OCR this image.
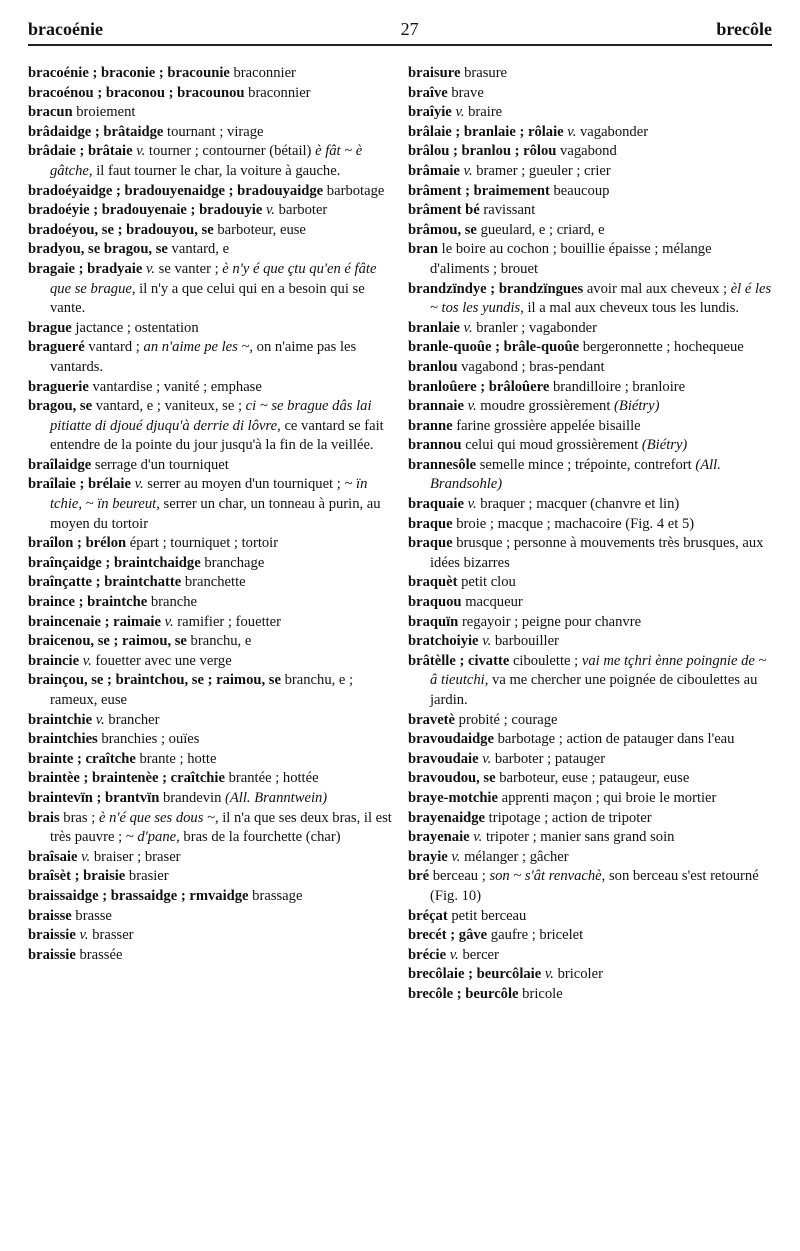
bracoénie	27	brecôle

bracoénie ; braconie ; bracounie braconnier

bracoénou ; braconou ; bracounou braconnier

bracun broiement

brâdaidge ; brâtaidge tournant ; virage

brâdaie ; brâtaie v. tourner ; contourner (bétail) è fât ~ è gâtche, il faut tourner le char, la voiture à gauche.

bradoéyaidge ; bradouyenaidge ; bradouyaidge barbotage

bradoéyie ; bradouyenaie ; bradouyie v. barboter

bradoéyou, se ; bradouyou, se barboteur, euse

bradyou, se bragou, se vantard, e

bragaie ; bradyaie v. se vanter ; è n'y é que çtu qu'en é fâte que se brague, il n'y a que celui qui en a besoin qui se vante.

brague jactance ; ostentation

bragueré vantard ; an n'aime pe les ~, on n'aime pas les vantards.

braguerie vantardise ; vanité ; emphase

bragou, se vantard, e ; vaniteux, se ; ci ~ se brague dâs lai pitiatte di djoué djuqu'à derrie di lôvre, ce vantard se fait entendre de la pointe du jour jusqu'à la fin de la veillée.

braîlaidge serrage d'un tourniquet

braîlaie ; brélaie v. serrer au moyen d'un tourniquet ; ~ ïn tchie, ~ ïn beureut, serrer un char, un tonneau à purin, au moyen du tortoir

braîlon ; brélon épart ; tourniquet ; tortoir

braînçaidge ; braintchaidge branchage

braînçatte ; braintchatte branchette

braince ; braintche branche

braincenaie ; raimaie v. ramifier ; fouetter

braicenou, se ; raimou, se branchu, e

braincie v. fouetter avec une verge

brainçou, se ; braintchou, se ; raimou, se branchu, e ; rameux, euse

braintchie v. brancher

braintchies branchies ; ouïes

brainte ; craîtche brante ; hotte

braintèe ; braintenèe ; craîtchie brantée ; hottée

braintevïn ; brantvïn brandevin (All. Branntwein)

brais bras ; è n'é que ses dous ~, il n'a que ses deux bras, il est très pauvre ; ~ d'pane, bras de la fourchette (char)

braîsaie v. braiser ; braser

braîsèt ; braisie brasier

braissaidge ; brassaidge ; rmvaidge brassage

braisse brasse

braissie v. brasser

braissie brassée

braisure brasure

braîve brave

braîyie v. braire

brâlaie ; branlaie ; rôlaie v. vagabonder

brâlou ; branlou ; rôlou vagabond

brâmaie v. bramer ; gueuler ; crier

brâment ; braimement beaucoup

brâment bé ravissant

brâmou, se gueulard, e ; criard, e

bran le boire au cochon ; bouillie épaisse ; mélange d'aliments ; brouet

brandzïndye ; brandzïngues avoir mal aux cheveux ; èl é les ~ tos les yundis, il a mal aux cheveux tous les lundis.

branlaie v. branler ; vagabonder

branle-quoûe ; brâle-quoûe bergeronnette ; hochequeue

branlou vagabond ; bras-pendant

branloûere ; brâloûere brandilloire ; branloire

brannaie v. moudre grossièrement (Biétry)

branne farine grossière appelée bisaille

brannou celui qui moud grossièrement (Biétry)

brannesôle semelle mince ; trépointe, contrefort (All. Brandsohle)

braquaie v. braquer ; macquer (chanvre et lin)

braque broie ; macque ; machacoire (Fig. 4 et 5)

braque brusque ; personne à mouvements très brusques, aux idées bizarres

braquèt petit clou

braquou macqueur

braquïn regayoir ; peigne pour chanvre

bratchoiyie v. barbouiller

brâtèlle ; civatte ciboulette ; vai me tçhri ènne poingnie de ~ â tieutchi, va me chercher une poignée de ciboulettes au jardin.

bravetè probité ; courage

bravoudaidge barbotage ; action de patauger dans l'eau

bravoudaie v. barboter ; patauger

bravoudou, se barboteur, euse ; pataugeur, euse

braye-motchie apprenti maçon ; qui broie le mortier

brayenaidge tripotage ; action de tripoter

brayenaie v. tripoter ; manier sans grand soin

brayie v. mélanger ; gâcher

bré berceau ; son ~ s'ât renvachè, son berceau s'est retourné (Fig. 10)

bréçat petit berceau

brecét ; gâve gaufre ; bricelet

brécie v. bercer

brecôlaie ; beurcôlaie v. bricoler

brecôle ; beurcôle bricole
